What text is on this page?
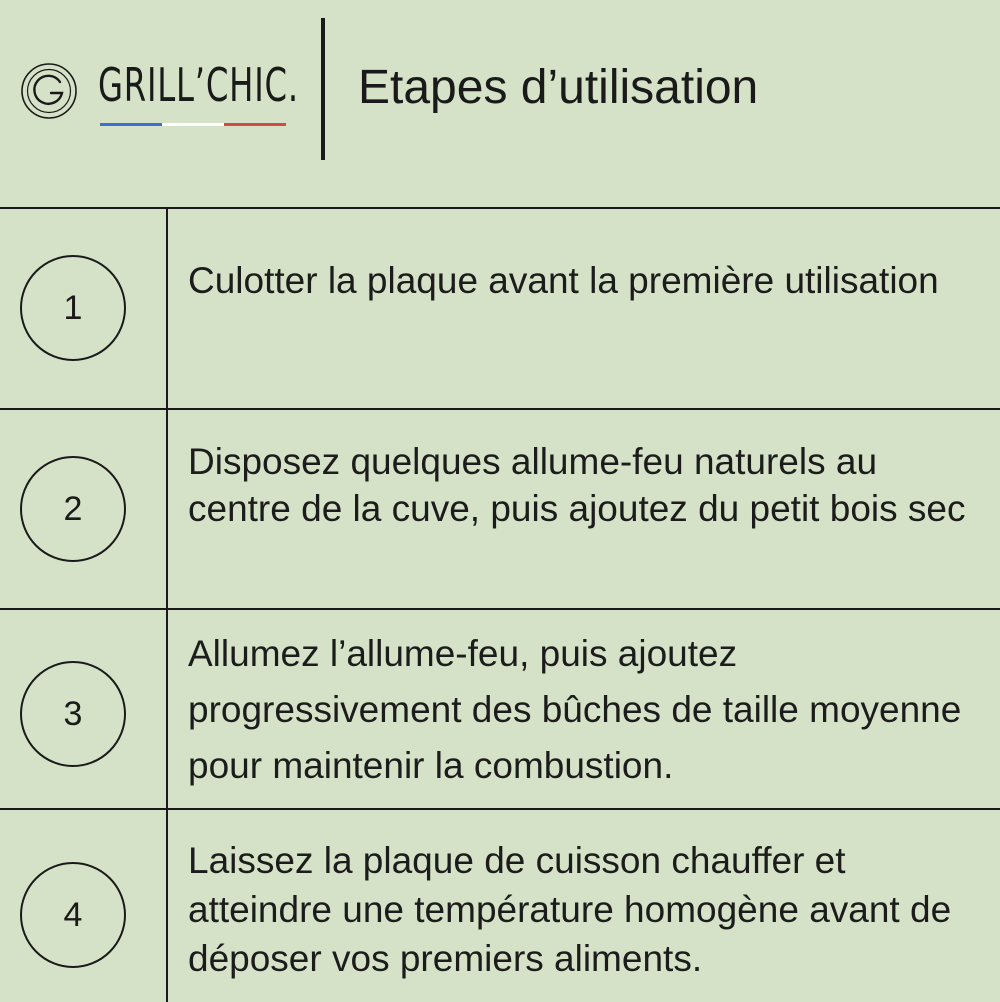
GRILL’CHIC. Etapes d’utilisation
1
Culotter la plaque avant la première utilisation
2
Disposez quelques allume-feu naturels au centre de la cuve, puis ajoutez du petit bois sec
3
Allumez l’allume-feu, puis ajoutez progressivement des bûches de taille moyenne pour maintenir la combustion.
4
Laissez la plaque de cuisson chauffer et atteindre une température homogène avant de déposer vos premiers aliments.
